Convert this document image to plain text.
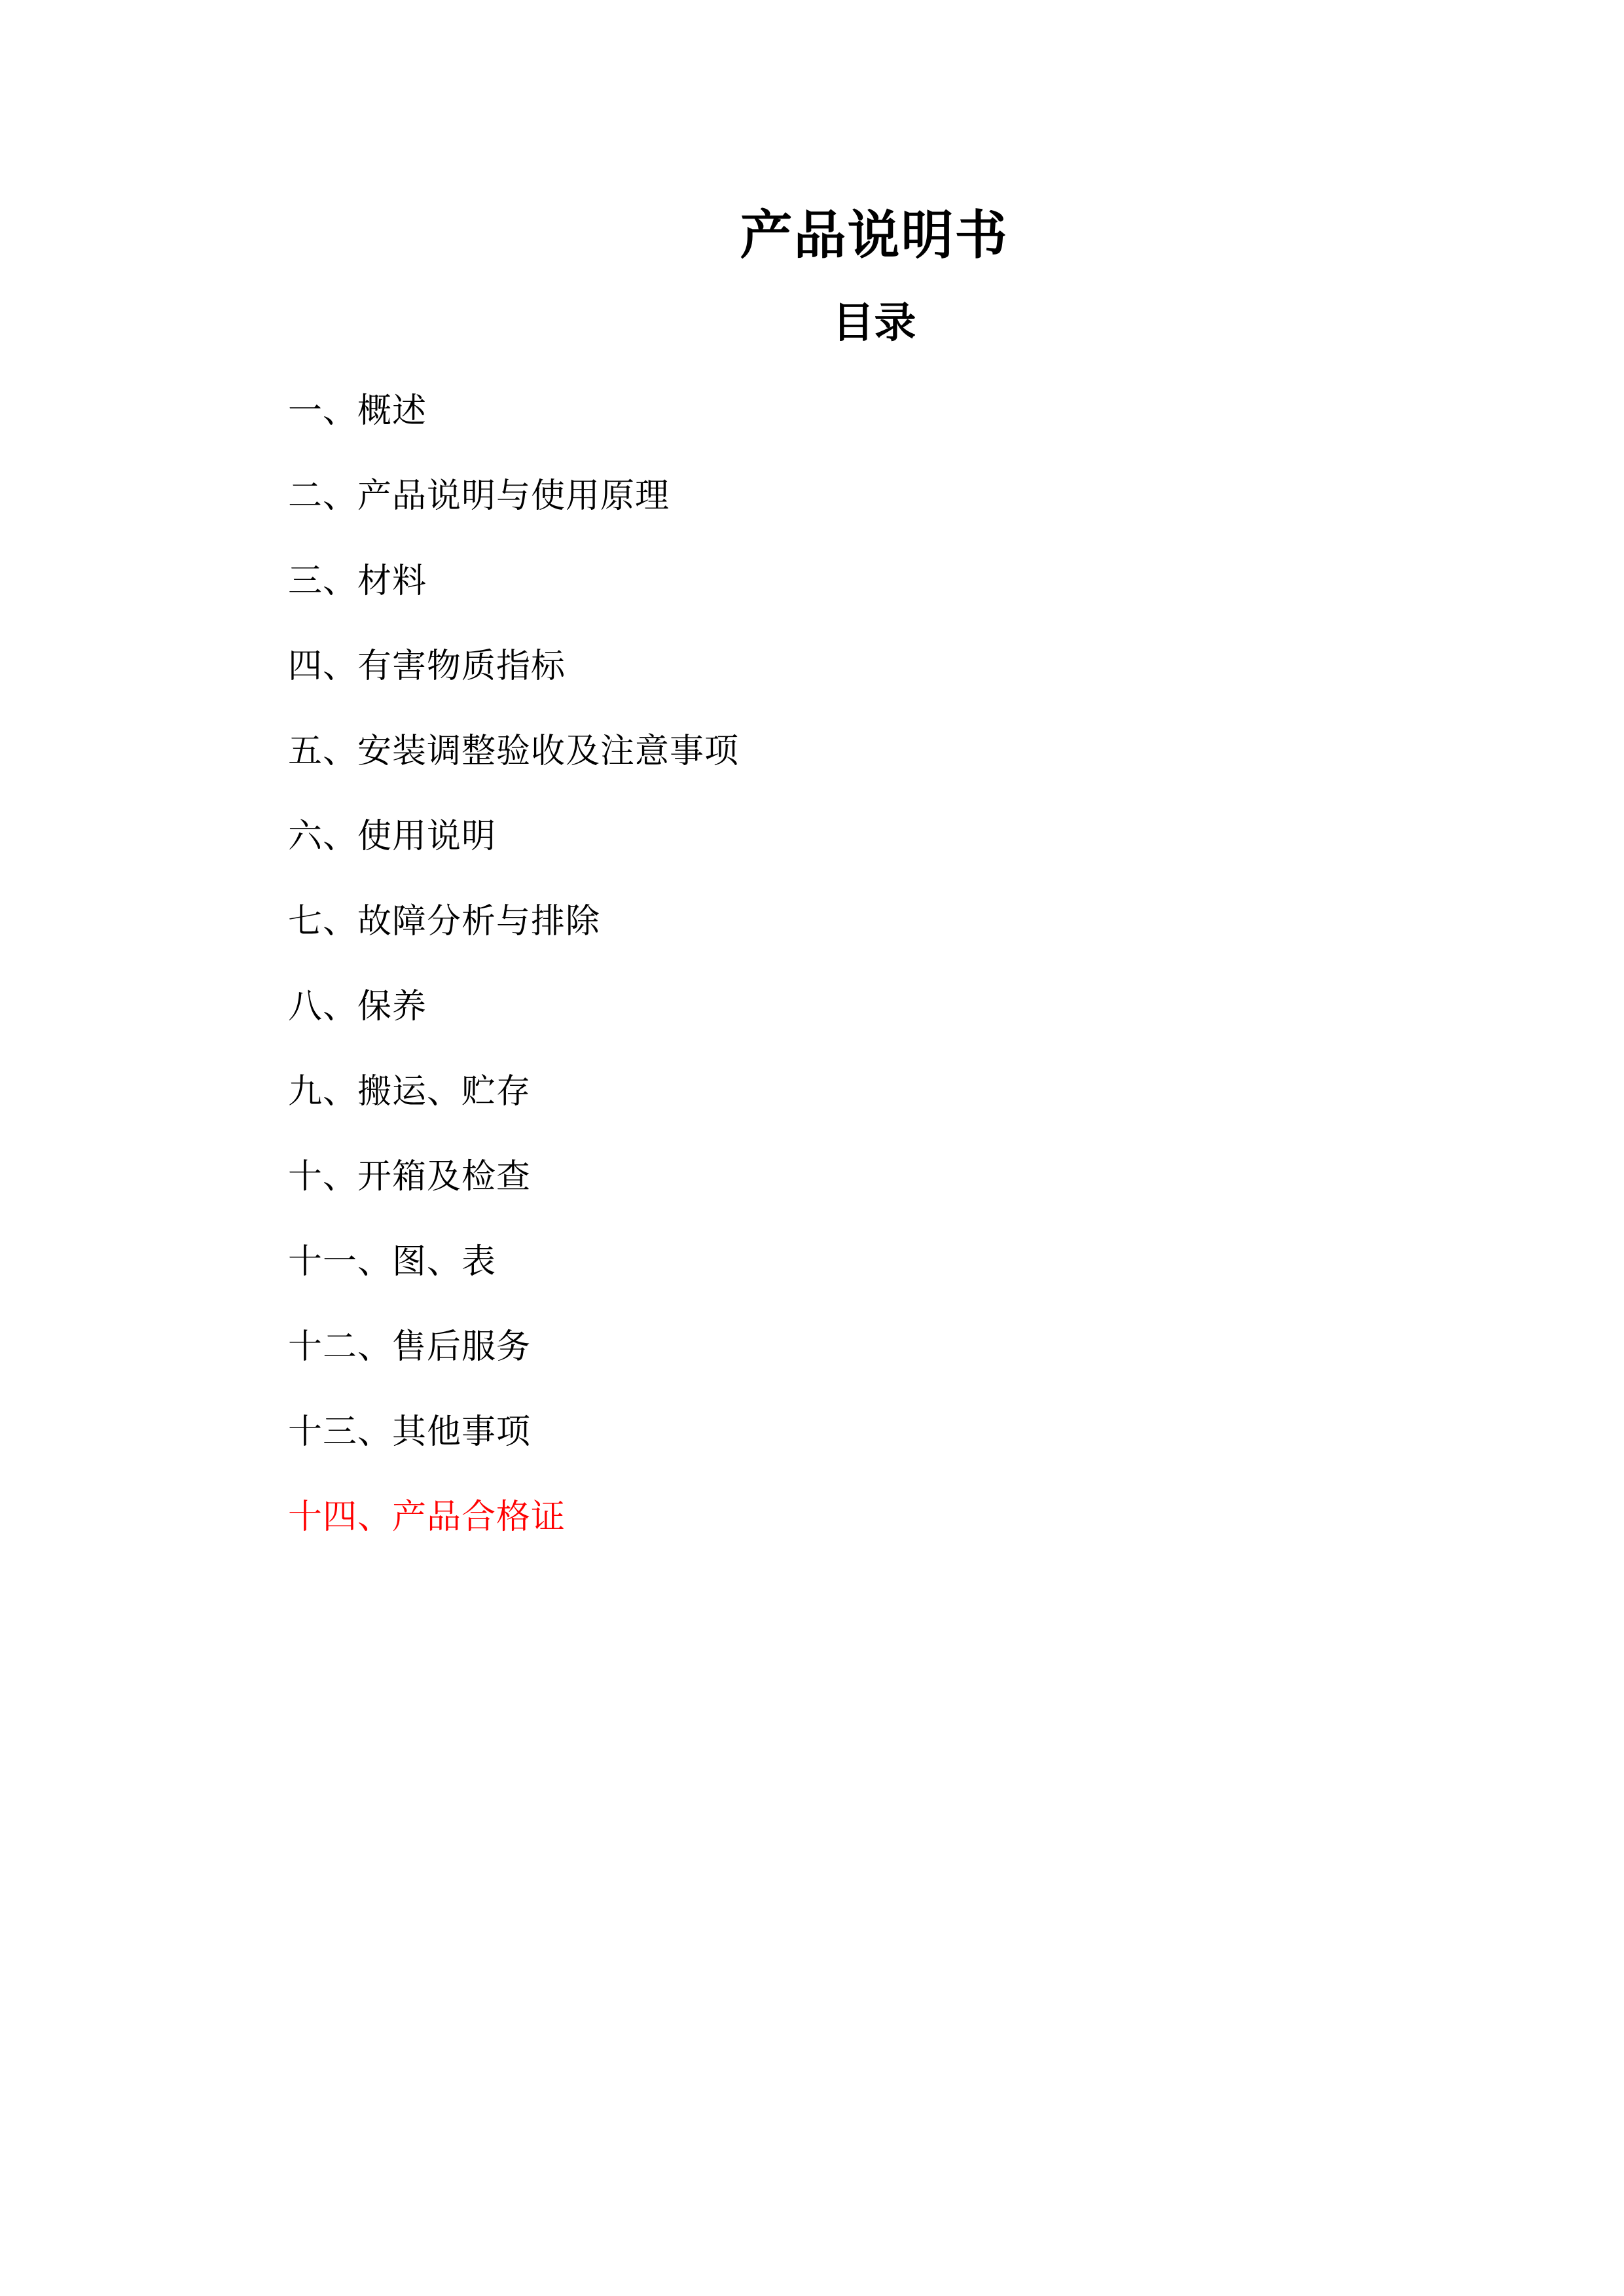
产品说明书
目录
一、概述
二、产品说明与使用原理
三、材料
四、有害物质指标
五、安装调整验收及注意事项
六、使用说明
七、故障分析与排除
八、保养
九、搬运、贮存
十、开箱及检查
十一、图、表
十二、售后服务
十三、其他事项
十四、产品合格证
